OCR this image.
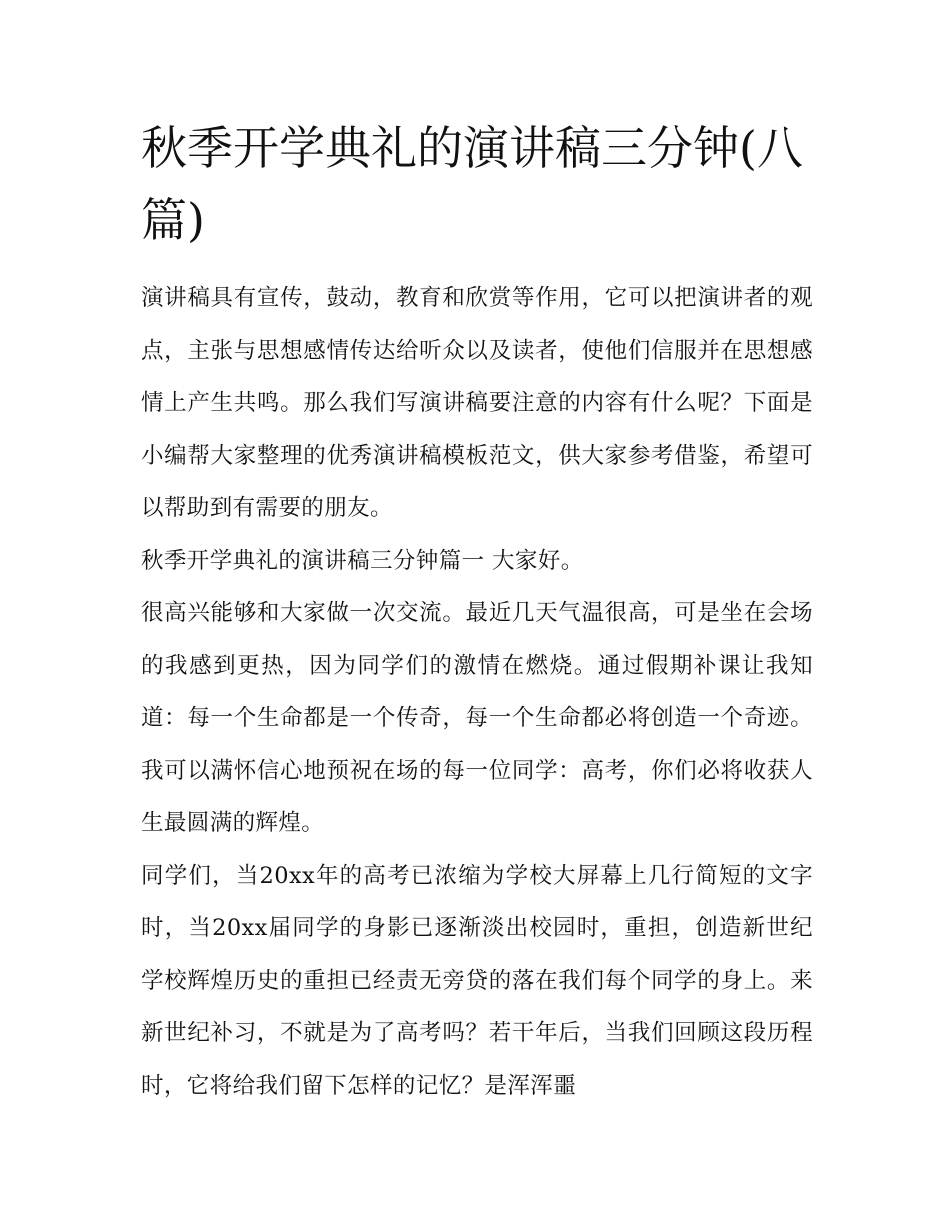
秋季开学典礼的演讲稿三分钟(八篇)

演讲稿具有宣传，鼓动，教育和欣赏等作用，它可以把演讲者的观点，主张与思想感情传达给听众以及读者，使他们信服并在思想感情上产生共鸣。那么我们写演讲稿要注意的内容有什么呢？下面是小编帮大家整理的优秀演讲稿模板范文，供大家参考借鉴，希望可以帮助到有需要的朋友。

秋季开学典礼的演讲稿三分钟篇一 大家好。

很高兴能够和大家做一次交流。最近几天气温很高，可是坐在会场的我感到更热，因为同学们的激情在燃烧。通过假期补课让我知道：每一个生命都是一个传奇，每一个生命都必将创造一个奇迹。我可以满怀信心地预祝在场的每一位同学：高考，你们必将收获人生最圆满的辉煌。

同学们，当20xx年的高考已浓缩为学校大屏幕上几行简短的文字时，当20xx届同学的身影已逐渐淡出校园时，重担，创造新世纪学校辉煌历史的重担已经责无旁贷的落在我们每个同学的身上。来新世纪补习，不就是为了高考吗？若干年后，当我们回顾这段历程时，它将给我们留下怎样的记忆？是浑浑噩
